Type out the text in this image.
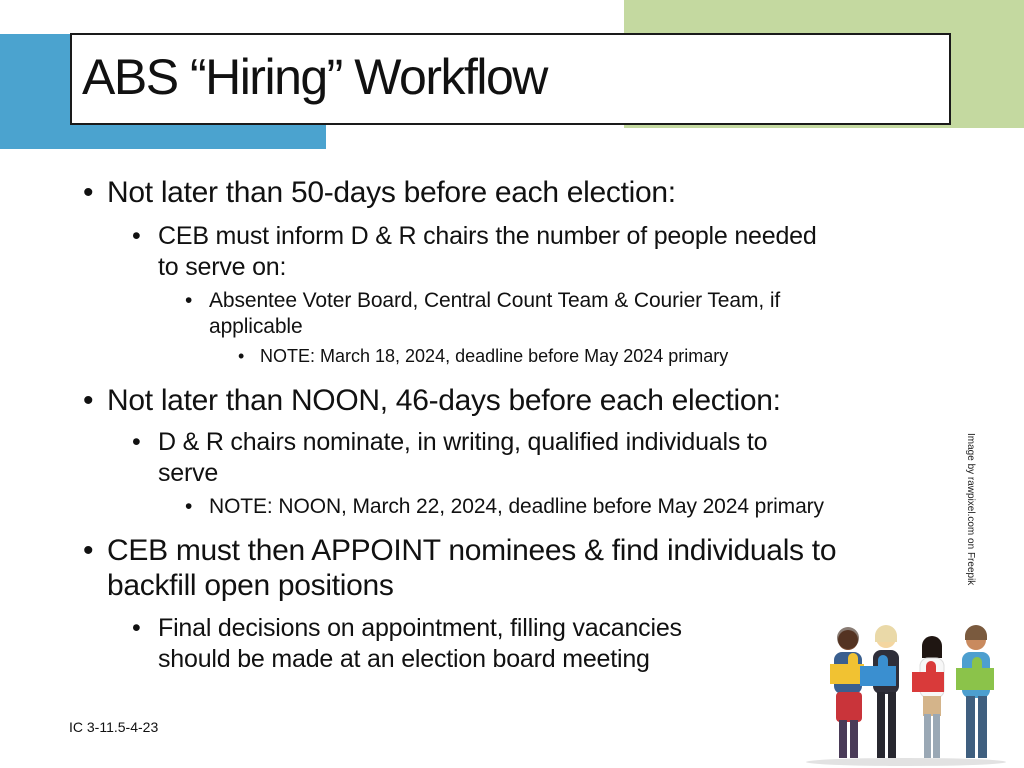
ABS “Hiring” Workflow

• Not later than 50-days before each election:

• CEB must inform D & R chairs the number of people needed

to serve on:

• Absentee Voter Board, Central Count Team & Courier Team, if

applicable

• NOTE: March 18, 2024, deadline before May 2024 primary

• Not later than NOON, 46-days before each election:

• D & R chairs nominate, in writing, qualified individuals to

serve

• NOTE: NOON, March 22, 2024, deadline before May 2024 primary

• CEB must then APPOINT nominees & find individuals to

backfill open positions

• Final decisions on appointment, filling vacancies

should be made at an election board meeting

IC 3-11.5-4-23

Image by rawpixel.com on Freepik
